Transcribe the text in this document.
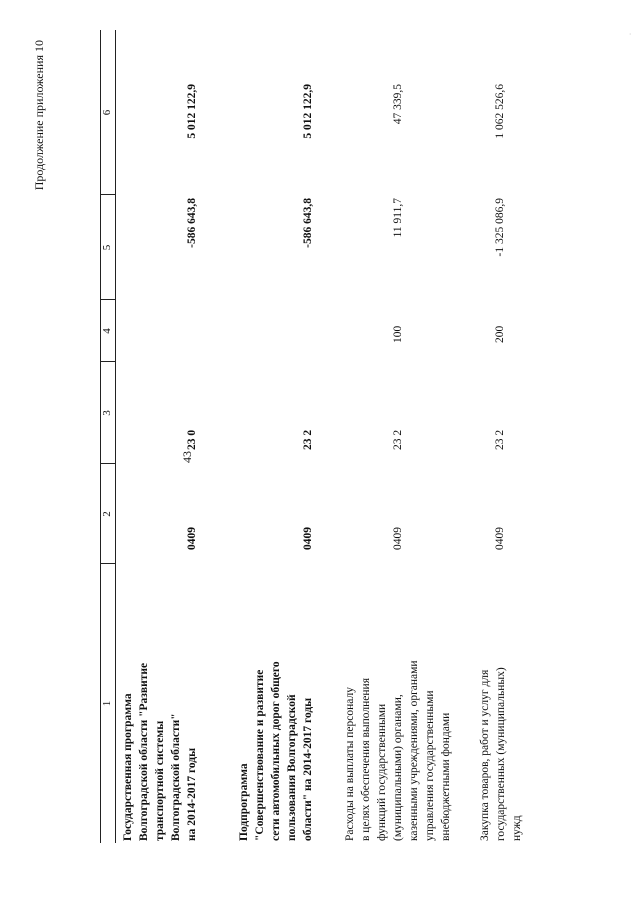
43
Продолжение приложения 10
1
2
3
4
5
6
Государственная программа Волгоградской области "Развитие транспортной системы Волгоградской области" на 2014-2017 годы
0409
23 0
-586 643,8
5 012 122,9
Подпрограмма "Совершенствование и развитие сети автомобильных дорог общего пользования Волгоградской области" на 2014-2017 годы
0409
23 2
-586 643,8
5 012 122,9
Расходы на выплаты персоналу в целях обеспечения выполнения функций государственными (муниципальными) органами, казенными учреждениями, органами управления государственными внебюджетными фондами
0409
23 2
100
11 911,7
47 339,5
Закупка товаров, работ и услуг для государственных (муниципальных) нужд
0409
23 2
200
-1 325 086,9
1 062 526,6
·
